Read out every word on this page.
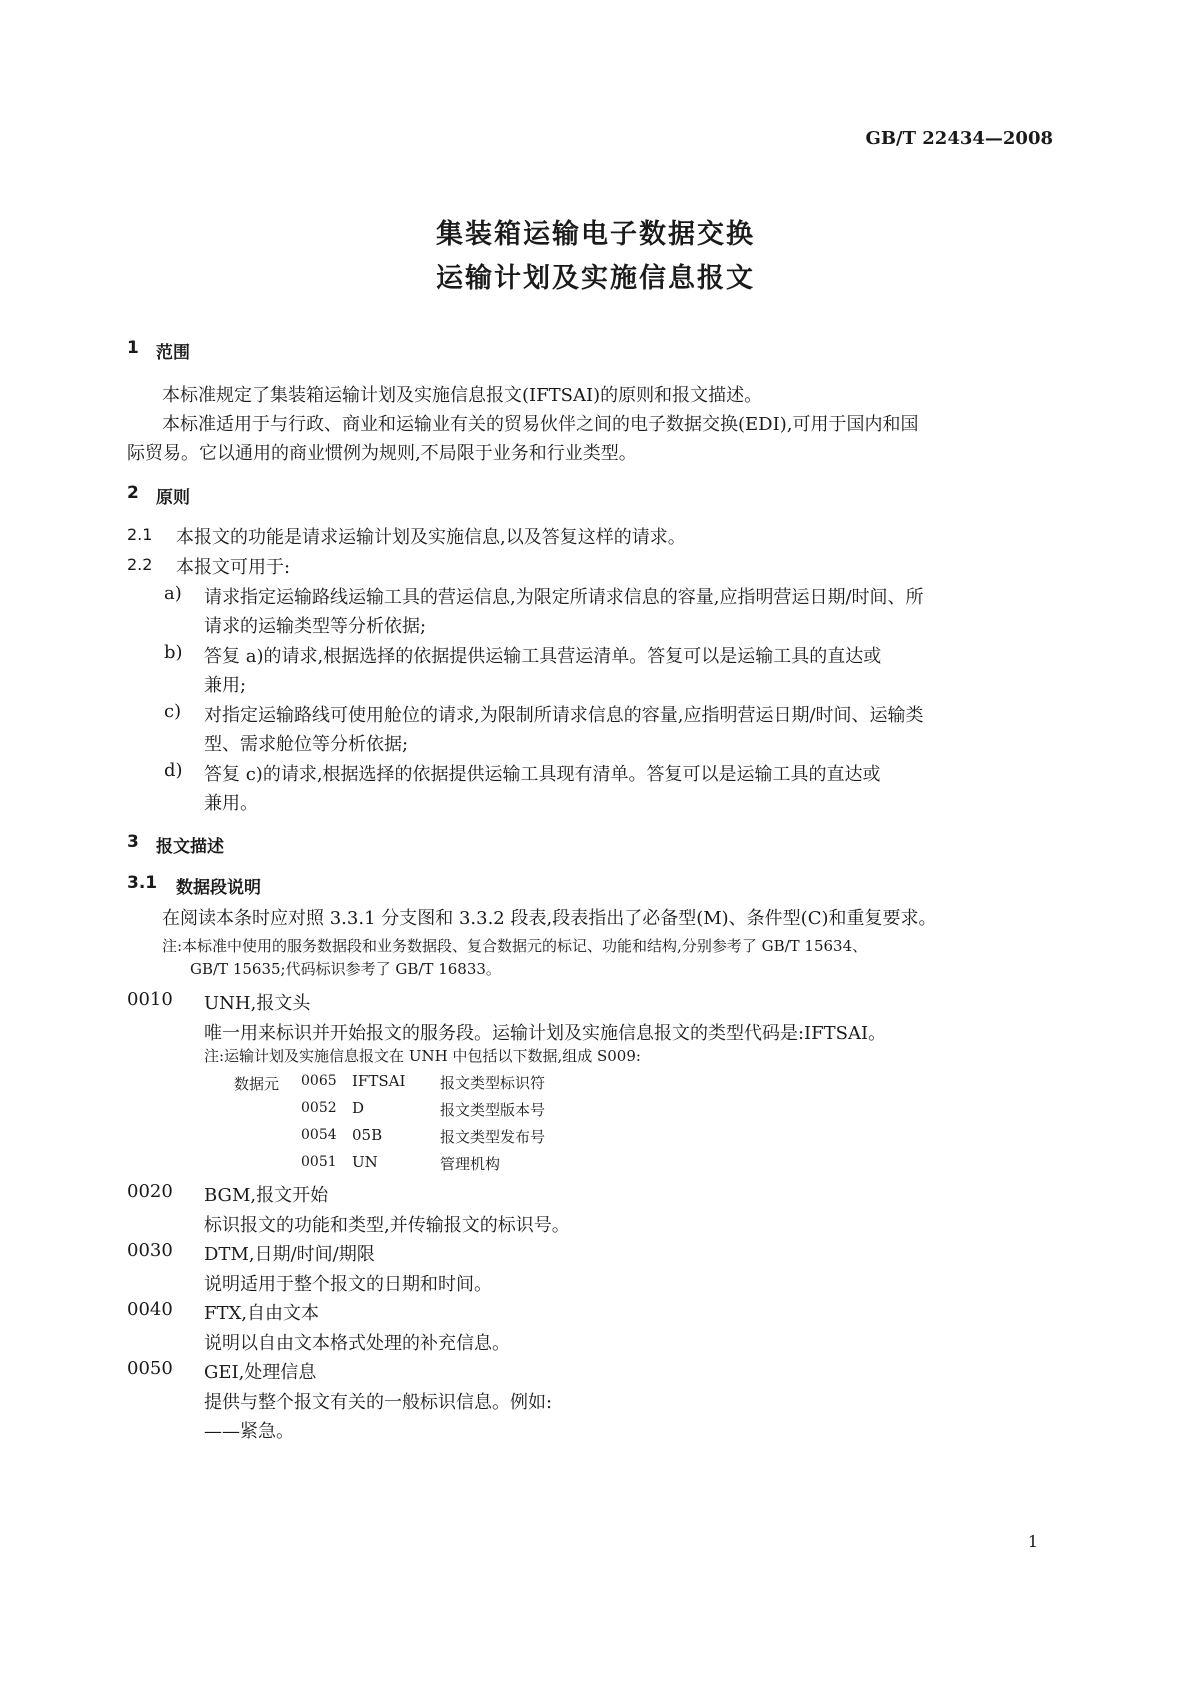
GB/T 22434—2008
集装箱运输电子数据交换
运输计划及实施信息报文
1 范围
本标准规定了集装箱运输计划及实施信息报文(IFTSAI)的原则和报文描述。
本标准适用于与行政、商业和运输业有关的贸易伙伴之间的电子数据交换(EDI),可用于国内和国
际贸易。它以通用的商业惯例为规则,不局限于业务和行业类型。
2 原则
2.1 本报文的功能是请求运输计划及实施信息,以及答复这样的请求。
2.2 本报文可用于:
a) 请求指定运输路线运输工具的营运信息,为限定所请求信息的容量,应指明营运日期/时间、所
请求的运输类型等分析依据;
b) 答复 a)的请求,根据选择的依据提供运输工具营运清单。答复可以是运输工具的直达或
兼用;
c) 对指定运输路线可使用舱位的请求,为限制所请求信息的容量,应指明营运日期/时间、运输类
型、需求舱位等分析依据;
d) 答复 c)的请求,根据选择的依据提供运输工具现有清单。答复可以是运输工具的直达或
兼用。
3 报文描述
3.1 数据段说明
在阅读本条时应对照 3.3.1 分支图和 3.3.2 段表,段表指出了必备型(M)、条件型(C)和重复要求。
注:本标准中使用的服务数据段和业务数据段、复合数据元的标记、功能和结构,分别参考了 GB/T 15634、
GB/T 15635;代码标识参考了 GB/T 16833。
0010 UNH,报文头
唯一用来标识并开始报文的服务段。运输计划及实施信息报文的类型代码是:IFTSAI。
注:运输计划及实施信息报文在 UNH 中包括以下数据,组成 S009:
数据元 0065 IFTSAI 报文类型标识符
0052 D	报文类型版本号
0054 05B	报文类型发布号
0051 UN	管理机构
0020 BGM,报文开始
标识报文的功能和类型,并传输报文的标识号。
0030 DTM,日期/时间/期限
说明适用于整个报文的日期和时间。
0040 FTX,自由文本
说明以自由文本格式处理的补充信息。
0050 GEI,处理信息
提供与整个报文有关的一般标识信息。例如:
——紧急。
1
